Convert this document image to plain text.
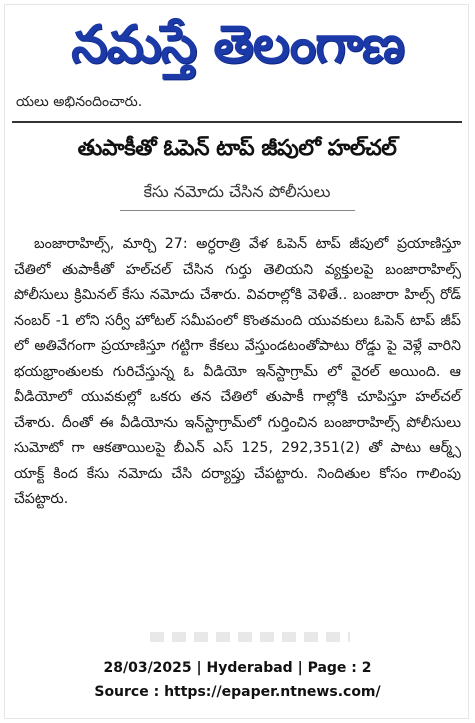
నమస్తే తెలంగాణ
యలు అభినందించారు.
తుపాకీతో ఓపెన్ టాప్ జీపులో హల్‌చల్
కేసు నమోదు చేసిన పోలీసులు

బంజారాహిల్స్, మార్చి 27: అర్ధరాత్రి వేళ ఓపెన్ టాప్ జీపులో ప్రయాణిస్తూ చేతిలో తుపాకీతో హల్‌చల్ చేసిన గుర్తు తెలియని వ్యక్తులపై బంజారాహిల్స్ పోలీసులు క్రిమినల్ కేసు నమోదు చేశారు. వివరాల్లోకి వెళితే.. బంజారా హిల్స్ రోడ్ నంబర్ -1 లోని సర్వీ హోటల్ సమీపంలో కొంతమంది యువకులు ఓపెన్ టాప్ జీప్ లో అతివేగంగా ప్రయాణిస్తూ గట్టిగా కేకలు వేస్తుండటంతోపాటు రోడ్డు పై వెళ్లే వారిని భయభ్రాంతులకు గురిచేస్తున్న ఓ వీడియో ఇన్‌స్టాగ్రామ్ లో వైరల్ అయింది. ఆ వీడియోలో యువకుల్లో ఒకరు తన చేతిలో తుపాకీ గాల్లోకి చూపిస్తూ హల్‌చల్ చేశారు. దీంతో ఈ వీడియోను ఇన్‌స్టాగ్రామ్‌లో గుర్తించిన బంజారాహిల్స్ పోలీసులు సుమోటో గా ఆకతాయిలపై బీఎన్ ఎస్ 125, 292,351(2) తో పాటు ఆర్మ్స్ యాక్ట్ కింద కేసు నమోదు చేసి దర్యాప్తు చేపట్టారు. నిందితుల కోసం గాలింపు చేపట్టారు.

28/03/2025 | Hyderabad | Page : 2
Source : https://epaper.ntnews.com/
